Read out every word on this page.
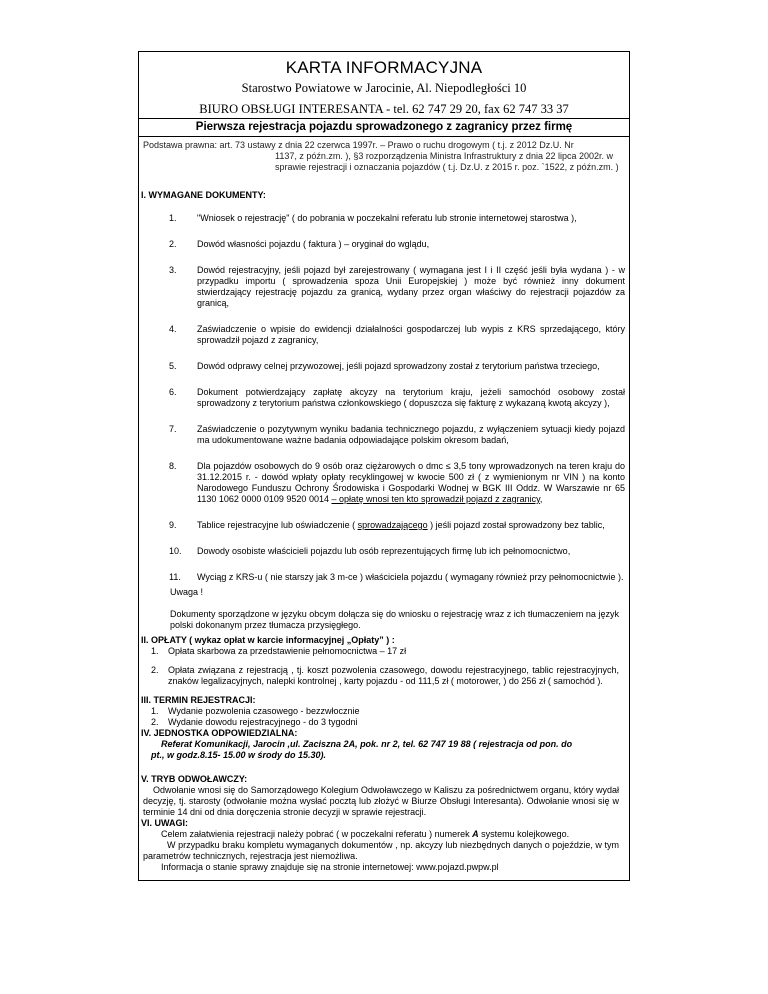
KARTA INFORMACYJNA
Starostwo Powiatowe w Jarocinie, Al. Niepodległości 10
BIURO OBSŁUGI INTERESANTA - tel. 62 747 29 20, fax 62 747 33 37
Pierwsza rejestracja pojazdu sprowadzonego z zagranicy przez firmę
Podstawa prawna: art. 73 ustawy z dnia 22 czerwca 1997r. – Prawo o ruchu drogowym ( t.j. z 2012 Dz.U. Nr
1137, z późn.zm. ), §3 rozporządzenia Ministra Infrastruktury z dnia 22 lipca 2002r. w
sprawie rejestracji i oznaczania pojazdów ( t.j. Dz.U. z 2015 r. poz. `1522, z późn.zm. )
I. WYMAGANE DOKUMENTY:
1.	"Wniosek o rejestrację" ( do pobrania w poczekalni referatu lub stronie internetowej starostwa ),
2.	Dowód własności pojazdu ( faktura ) – oryginał do wglądu,
3.	Dowód rejestracyjny, jeśli pojazd był zarejestrowany ( wymagana jest I i II część jeśli była wydana ) - w przypadku importu ( sprowadzenia spoza Unii Europejskiej ) może być również inny dokument stwierdzający rejestrację pojazdu za granicą, wydany przez organ właściwy do rejestracji pojazdów za granicą,
4.	Zaświadczenie o wpisie do ewidencji działalności gospodarczej lub wypis z KRS sprzedającego, który sprowadził pojazd z zagranicy,
5.	Dowód odprawy celnej przywozowej, jeśli pojazd sprowadzony został z terytorium państwa trzeciego,
6.	Dokument potwierdzający zapłatę akcyzy na terytorium kraju, jeżeli samochód osobowy został sprowadzony z terytorium państwa członkowskiego ( dopuszcza się fakturę z wykazaną kwotą akcyzy ),
7.	Zaświadczenie o pozytywnym wyniku badania technicznego pojazdu, z wyłączeniem sytuacji kiedy pojazd ma udokumentowane ważne badania odpowiadające polskim okresom badań,
8.	Dla pojazdów osobowych do 9 osób oraz ciężarowych o dmc ≤ 3,5 tony wprowadzonych na teren kraju do 31.12.2015 r. - dowód wpłaty opłaty recyklingowej w kwocie 500 zł ( z wymienionym nr VIN ) na konto Narodowego Funduszu Ochrony Środowiska i Gospodarki Wodnej w BGK III Oddz. W Warszawie nr 65 1130 1062 0000 0109 9520 0014 – opłatę wnosi ten kto sprowadził pojazd z zagranicy,
9.	Tablice rejestracyjne lub oświadczenie ( sprowadzającego ) jeśli pojazd został sprowadzony bez tablic,
10.	Dowody osobiste właścicieli pojazdu lub osób reprezentujących firmę lub ich pełnomocnictwo,
11.	Wyciąg z KRS-u ( nie starszy jak 3 m-ce ) właściciela pojazdu ( wymagany również przy pełnomocnictwie ).
Uwaga !
Dokumenty sporządzone w języku obcym dołącza się do wniosku o rejestrację wraz z ich tłumaczeniem na język polski dokonanym przez tłumacza przysięgłego.
II. OPŁATY ( wykaz opłat w karcie informacyjnej „Opłaty” ) :
1.	Opłata skarbowa za przedstawienie pełnomocnictwa – 17 zł
2.	Opłata związana z rejestracją , tj. koszt pozwolenia czasowego, dowodu rejestracyjnego, tablic rejestracyjnych, znaków legalizacyjnych, nalepki kontrolnej , karty pojazdu - od 111,5 zł ( motorower, ) do 256 zł ( samochód ).
III. TERMIN REJESTRACJI:
1.	Wydanie pozwolenia czasowego - bezzwłocznie
2.	Wydanie dowodu rejestracyjnego - do 3 tygodni
IV. JEDNOSTKA ODPOWIEDZIALNA:
Referat Komunikacji, Jarocin ,ul. Zaciszna 2A, pok. nr 2, tel. 62 747 19 88 ( rejestracja od pon. do
pt., w godz.8.15- 15.00 w środy do 15.30).
V. TRYB ODWOŁAWCZY:
Odwołanie wnosi się do Samorządowego Kolegium Odwoławczego w Kaliszu za pośrednictwem organu, który wydał decyzję, tj. starosty (odwołanie można wysłać pocztą lub złożyć w Biurze Obsługi Interesanta). Odwołanie wnosi się w terminie 14 dni od dnia doręczenia stronie decyzji w sprawie rejestracji.
VI. UWAGI:
Celem załatwienia rejestracji należy pobrać ( w poczekalni referatu ) numerek A systemu kolejkowego.
W przypadku braku kompletu wymaganych dokumentów , np. akcyzy lub niezbędnych danych o pojeździe, w tym parametrów technicznych, rejestracja jest niemożliwa.
Informacja o stanie sprawy znajduje się na stronie internetowej: www.pojazd.pwpw.pl
